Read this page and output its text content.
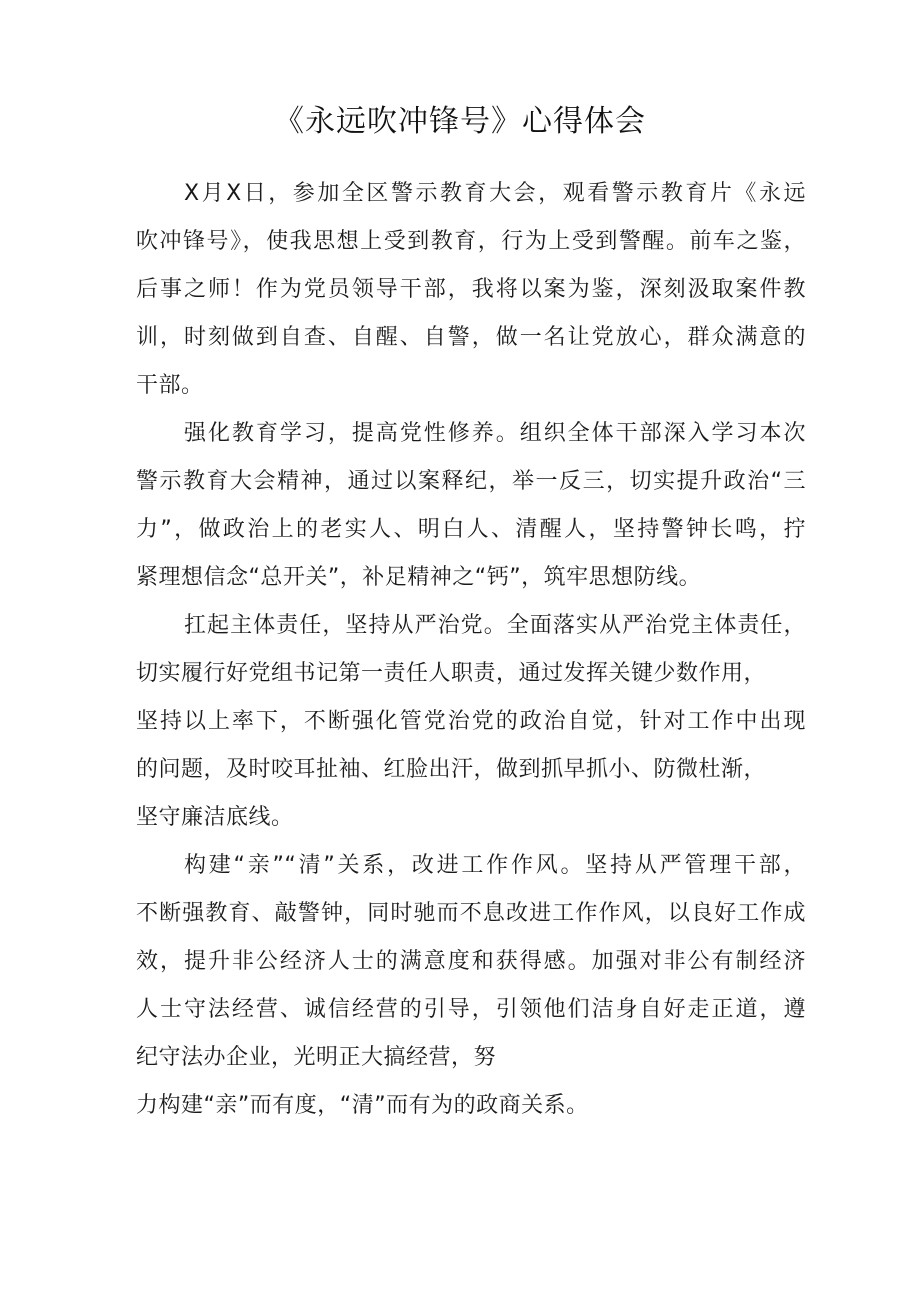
《永远吹冲锋号》心得体会
X月X日，参加全区警示教育大会，观看警示教育片《永远
吹冲锋号》，使我思想上受到教育，行为上受到警醒。前车之鉴，
后事之师！作为党员领导干部，我将以案为鉴，深刻汲取案件教
训，时刻做到自查、自醒、自警，做一名让党放心，群众满意的
干部。
强化教育学习，提高党性修养。组织全体干部深入学习本次
警示教育大会精神，通过以案释纪，举一反三，切实提升政治“三
力”，做政治上的老实人、明白人、清醒人，坚持警钟长鸣，拧
紧理想信念“总开关”，补足精神之“钙”，筑牢思想防线。
扛起主体责任，坚持从严治党。全面落实从严治党主体责任，
切实履行好党组书记第一责任人职责，通过发挥关键少数作用，
坚持以上率下，不断强化管党治党的政治自觉，针对工作中出现
的问题，及时咬耳扯袖、红脸出汗，做到抓早抓小、防微杜渐，
坚守廉洁底线。
构建“亲”“清”关系，改进工作作风。坚持从严管理干部，
不断强教育、敲警钟，同时驰而不息改进工作作风，以良好工作成
效，提升非公经济人士的满意度和获得感。加强对非公有制经济
人士守法经营、诚信经营的引导，引领他们洁身自好走正道，遵
纪守法办企业，光明正大搞经营，努
力构建“亲”而有度，“清”而有为的政商关系。
